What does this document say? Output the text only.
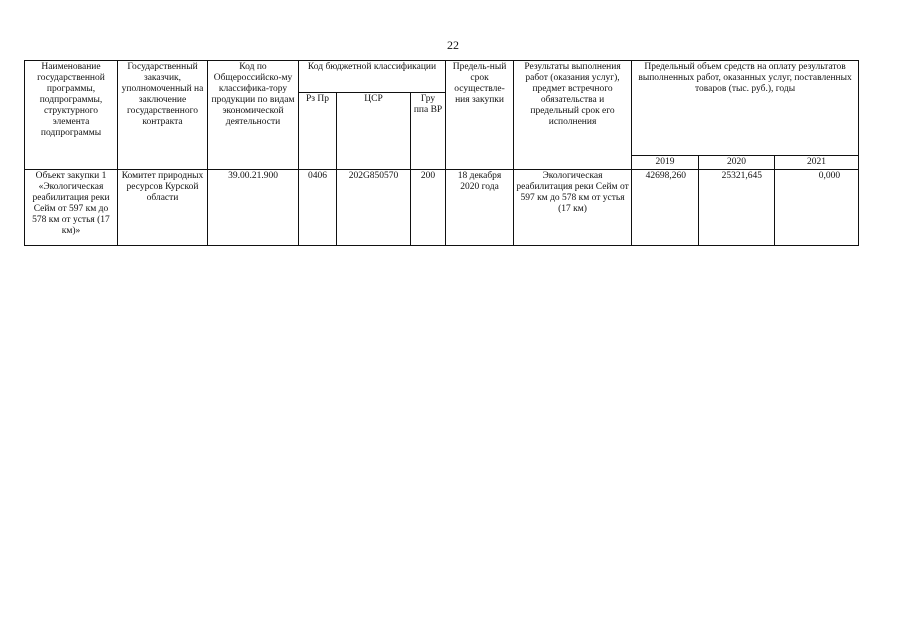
22
Наименование государственной программы, подпрограммы, структурного элемента подпрограммы	Государственный заказчик, уполномоченный на заключение государственного контракта	Код по Общероссийско-му классифика-тору продукции по видам экономической деятельности	Код бюджетной классификации			Предель-ный срок осуществле-ния закупки	Результаты выполнения работ (оказания услуг), предмет встречного обязательства и предельный срок его исполнения	Предельный объем средств на оплату результатов выполненных работ, оказанных услуг, поставленных товаров (тыс. руб.), годы		
			Рз Пр	ЦСР	Гру ппа ВР					
								2019	2020	2021
Объект закупки 1 «Экологическая реабилитация реки Сейм от 597 км до 578 км от устья (17 км)»	Комитет природных ресурсов Курской области	39.00.21.900	0406	202G850570	200	18 декабря 2020 года	Экологическая реабилитация реки Сейм от 597 км до 578 км от устья (17 км)	42698,260	25321,645	0,000
